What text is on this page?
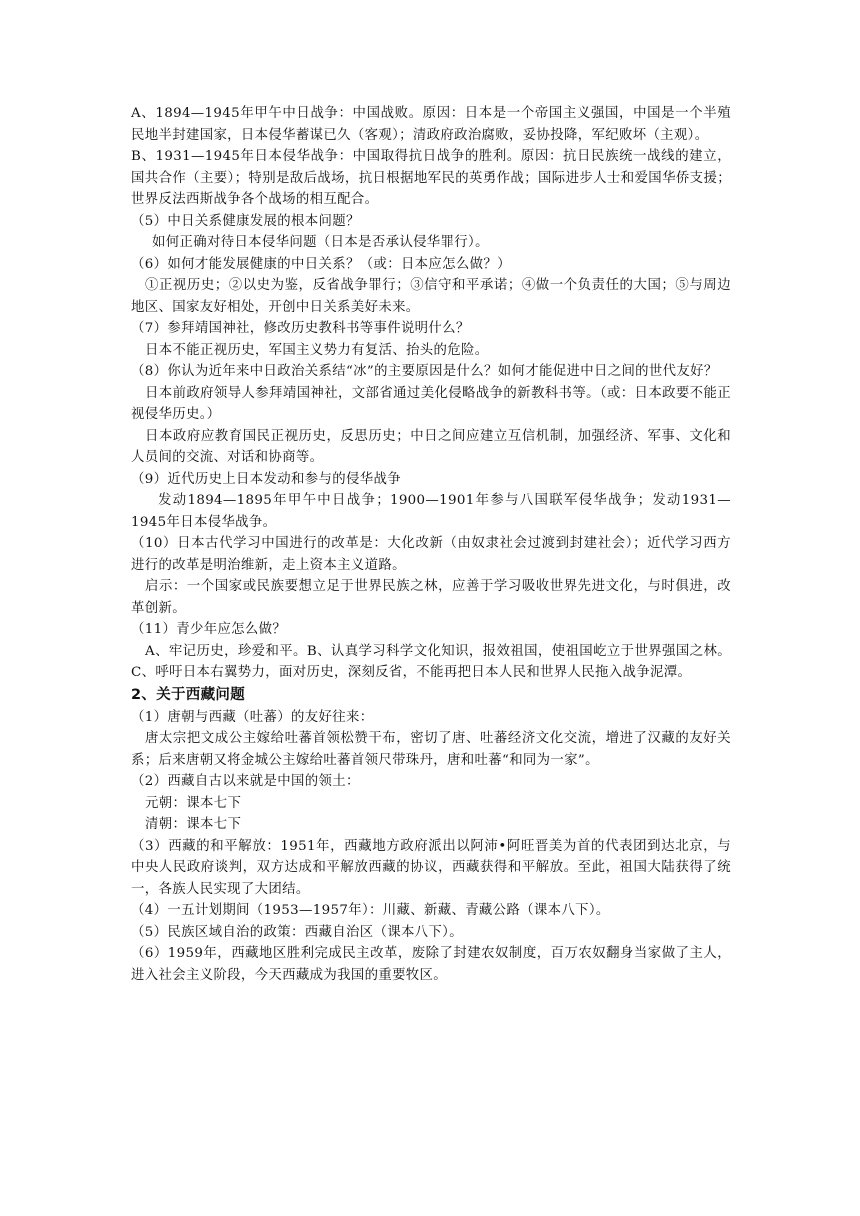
A、1894—1945年甲午中日战争：中国战败。原因：日本是一个帝国主义强国，中国是一个半殖民地半封建国家，日本侵华蓄谋已久（客观）；清政府政治腐败，妥协投降，军纪败坏（主观）。

B、1931—1945年日本侵华战争：中国取得抗日战争的胜利。原因：抗日民族统一战线的建立，国共合作（主要）；特别是敌后战场，抗日根据地军民的英勇作战；国际进步人士和爱国华侨支援；世界反法西斯战争各个战场的相互配合。

（5）中日关系健康发展的根本问题？

如何正确对待日本侵华问题（日本是否承认侵华罪行）。

（6）如何才能发展健康的中日关系？（或：日本应怎么做？）

①正视历史；②以史为鉴，反省战争罪行；③信守和平承诺；④做一个负责任的大国；⑤与周边地区、国家友好相处，开创中日关系美好未来。

（7）参拜靖国神社，修改历史教科书等事件说明什么？

日本不能正视历史，军国主义势力有复活、抬头的危险。

（8）你认为近年来中日政治关系结“冰”的主要原因是什么？如何才能促进中日之间的世代友好？

日本前政府领导人参拜靖国神社，文部省通过美化侵略战争的新教科书等。（或：日本政要不能正视侵华历史。）

日本政府应教育国民正视历史，反思历史；中日之间应建立互信机制，加强经济、军事、文化和人员间的交流、对话和协商等。

（9）近代历史上日本发动和参与的侵华战争

发动1894—1895年甲午中日战争；1900—1901年参与八国联军侵华战争；发动1931—1945年日本侵华战争。

（10）日本古代学习中国进行的改革是：大化改新（由奴隶社会过渡到封建社会）；近代学习西方进行的改革是明治维新，走上资本主义道路。

启示：一个国家或民族要想立足于世界民族之林，应善于学习吸收世界先进文化，与时俱进，改革创新。

（11）青少年应怎么做？

A、牢记历史，珍爱和平。B、认真学习科学文化知识，报效祖国，使祖国屹立于世界强国之林。C、呼吁日本右翼势力，面对历史，深刻反省，不能再把日本人民和世界人民拖入战争泥潭。

2、关于西藏问题

（1）唐朝与西藏（吐蕃）的友好往来：

唐太宗把文成公主嫁给吐蕃首领松赞干布，密切了唐、吐蕃经济文化交流，增进了汉藏的友好关系；后来唐朝又将金城公主嫁给吐蕃首领尺带珠丹，唐和吐蕃“和同为一家”。

（2）西藏自古以来就是中国的领土：

元朝：课本七下

清朝：课本七下

（3）西藏的和平解放：1951年，西藏地方政府派出以阿沛•阿旺晋美为首的代表团到达北京，与中央人民政府谈判，双方达成和平解放西藏的协议，西藏获得和平解放。至此，祖国大陆获得了统一，各族人民实现了大团结。

（4）一五计划期间（1953—1957年）：川藏、新藏、青藏公路（课本八下）。

（5）民族区域自治的政策：西藏自治区（课本八下）。

（6）1959年，西藏地区胜利完成民主改革，废除了封建农奴制度，百万农奴翻身当家做了主人，进入社会主义阶段，今天西藏成为我国的重要牧区。
